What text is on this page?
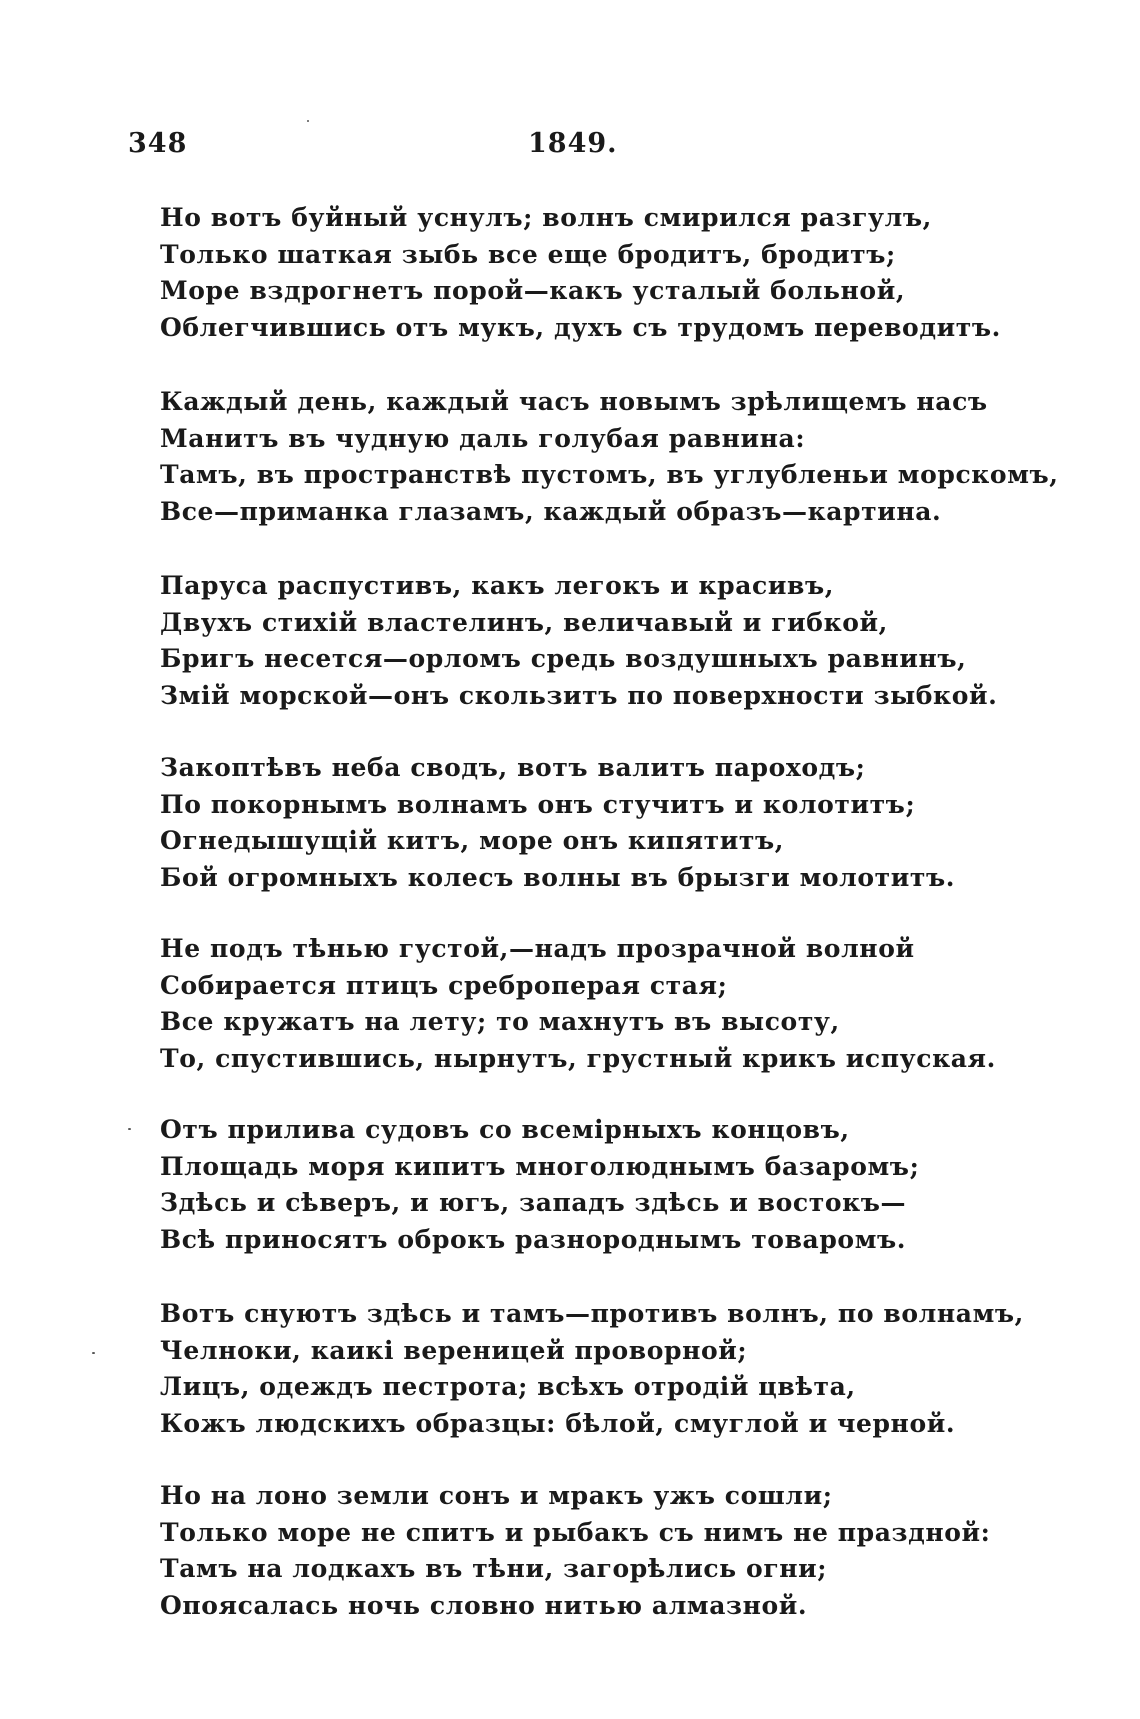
348	1849.
Но вотъ буйный уснулъ; волнъ смирился разгулъ,
Только шаткая зыбь все еще бродитъ, бродитъ;
Море вздрогнетъ порой—какъ усталый больной,
Облегчившись отъ мукъ, духъ съ трудомъ переводитъ.
Каждый день, каждый часъ новымъ зрѣлищемъ насъ
Манитъ въ чудную даль голубая равнина:
Тамъ, въ пространствѣ пустомъ, въ углубленьи морскомъ,
Все—приманка глазамъ, каждый образъ—картина.
Паруса распустивъ, какъ легокъ и красивъ,
Двухъ стихій властелинъ, величавый и гибкой,
Бригъ несется—орломъ средь воздушныхъ равнинъ,
Змій морской—онъ скользитъ по поверхности зыбкой.
Закоптѣвъ неба сводъ, вотъ валитъ пароходъ;
По покорнымъ волнамъ онъ стучитъ и колотитъ;
Огнедышущій китъ, море онъ кипятитъ,
Бой огромныхъ колесъ волны въ брызги молотитъ.
Не подъ тѣнью густой,—надъ прозрачной волной
Собирается птицъ среброперая стая;
Все кружатъ на лету; то махнутъ въ высоту,
То, спустившись, нырнутъ, грустный крикъ испуская.
Отъ прилива судовъ со всемірныхъ концовъ,
Площадь моря кипитъ многолюднымъ базаромъ;
Здѣсь и сѣверъ, и югъ, западъ здѣсь и востокъ—
Всѣ приносятъ оброкъ разнороднымъ товаромъ.
Вотъ снуютъ здѣсь и тамъ—противъ волнъ, по волнамъ,
Челноки, каикі вереницей проворной;
Лицъ, одеждъ пестрота; всѣхъ отродій цвѣта,
Кожъ людскихъ образцы: бѣлой, смуглой и черной.
Но на лоно земли сонъ и мракъ ужъ сошли;
Только море не спитъ и рыбакъ съ нимъ не праздной:
Тамъ на лодкахъ въ тѣни, загорѣлись огни;
Опоясалась ночь словно нитью алмазной.
